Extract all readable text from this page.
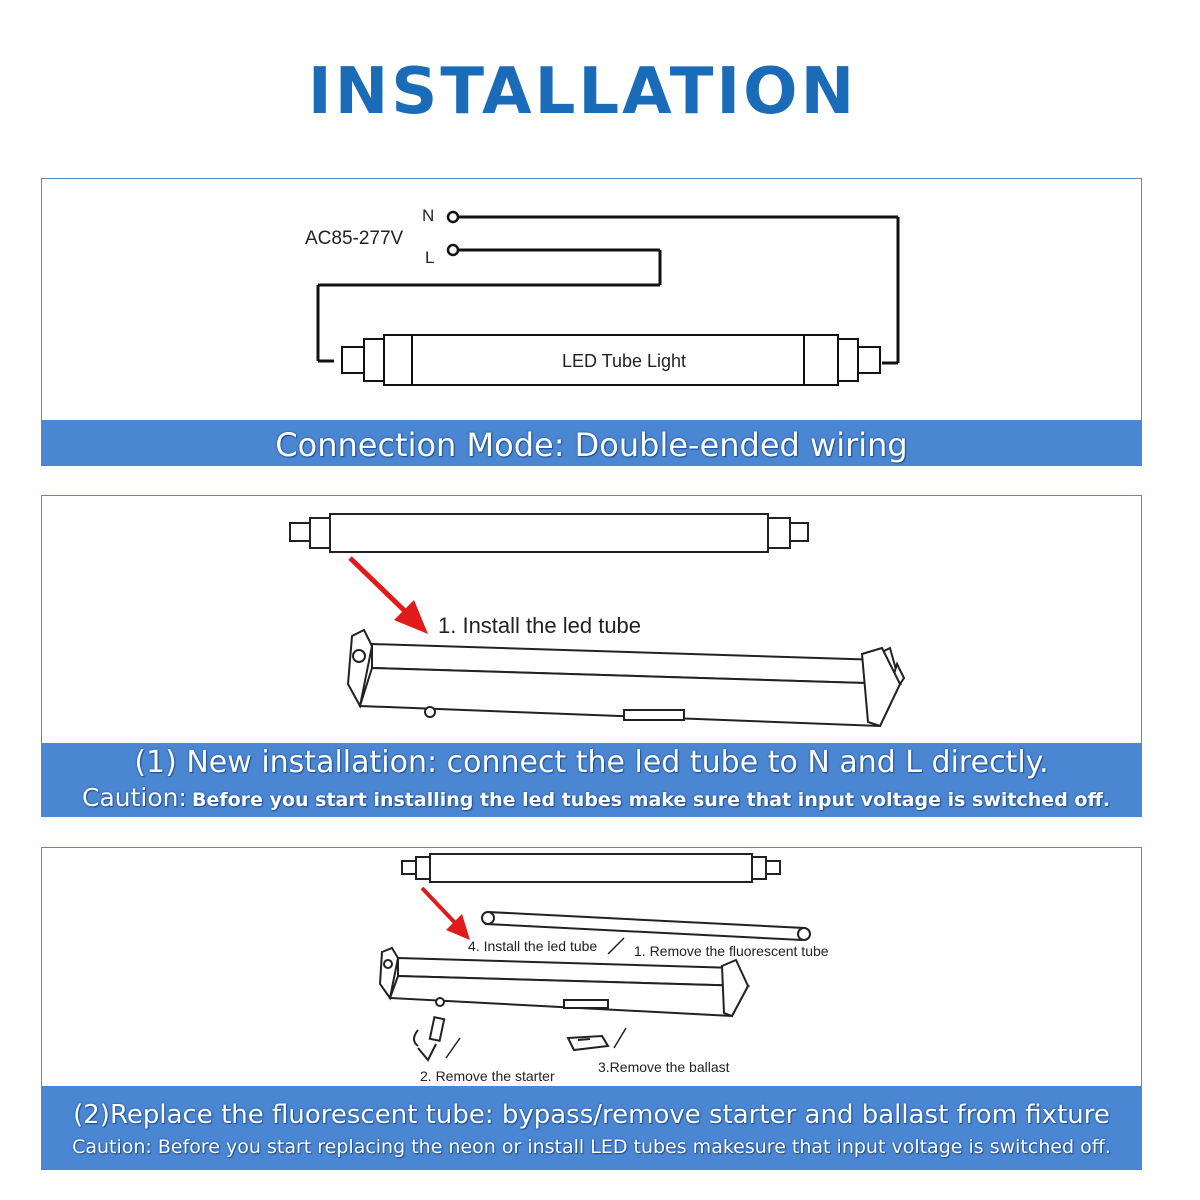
INSTALLATION
N
L
AC85-277V
LED Tube Light
Connection Mode: Double-ended wiring
1. Install the led tube
(1) New installation: connect the led tube to N and L directly.
Caution: Before you start installing the led tubes make sure that input voltage is switched off.
4. Install the led tube	1. Remove the fluorescent tube
2. Remove the starter
3.Remove the ballast
(2)Replace the fluorescent tube: bypass/remove starter and ballast from fixture
Caution: Before you start replacing the neon or install LED tubes makesure that input voltage is switched off.
